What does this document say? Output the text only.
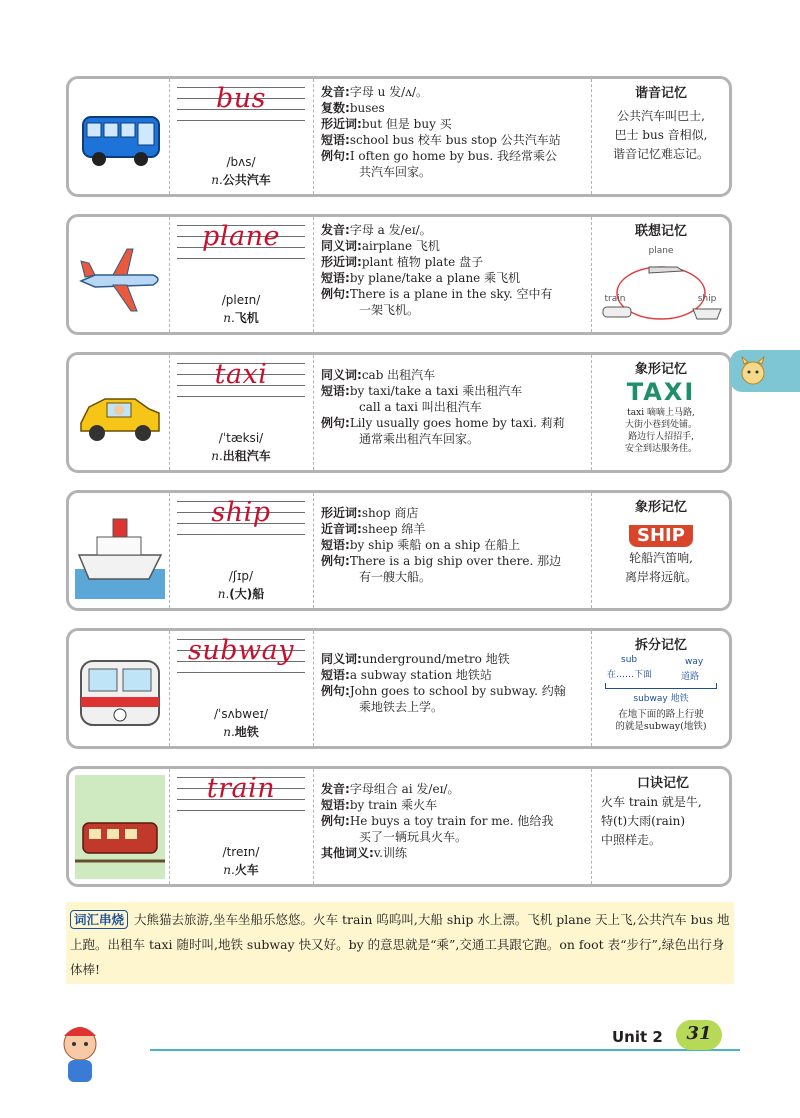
bus
/bʌs/
n.公共汽车
发音: 字母 u 发/ʌ/。
复数: buses
形近词: but 但是 buy 买
短语: school bus 校车 bus stop 公共汽车站
例句: I often go home by bus. 我经常乘公
共汽车回家。
谐音记忆
公共汽车叫巴士,
巴士 bus 音相似,
谐音记忆难忘记。
plane
/pleɪn/
n.飞机
发音: 字母 a 发/eɪ/。
同义词: airplane 飞机
形近词: plant 植物 plate 盘子
短语: by plane/take a plane 乘飞机
例句: There is a plane in the sky. 空中有
一架飞机。
联想记忆
plane
train	ship
taxi
/ˈtæksi/
n.出租汽车
同义词: cab 出租汽车
短语: by taxi/take a taxi 乘出租汽车
call a taxi 叫出租汽车
例句: Lily usually goes home by taxi. 莉莉
通常乘出租汽车回家。
象形记忆
TAXI
taxi 嘀嘀上马路,
大街小巷到处铺。
路边行人招招手,
安全到达服务佳。
ship
/ʃɪp/
n.(大)船
形近词: shop 商店
近音词: sheep 绵羊
短语: by ship 乘船 on a ship 在船上
例句: There is a big ship over there. 那边
有一艘大船。
象形记忆
SHIP
轮船汽笛响,
离岸将远航。
subway
/ˈsʌbweɪ/
n.地铁
同义词: underground/metro 地铁
短语: a subway station 地铁站
例句: John goes to school by subway. 约翰
乘地铁去上学。
拆分记忆
sub
在……下面
way
道路
subway 地铁
在地下面的路上行驶
的就是subway(地铁)
train
/treɪn/
n.火车
发音: 字母组合 ai 发/eɪ/。
短语: by train 乘火车
例句: He buys a toy train for me. 他给我
买了一辆玩具火车。
其他词义: v.训练
口诀记忆
火车 train 就是牛,
特(t)大雨(rain)
中照样走。
词汇串烧 大熊猫去旅游,坐车坐船乐悠悠。火车 train 呜呜叫,大船 ship 水上漂。飞机 plane 天上飞,公共汽车 bus 地上跑。出租车 taxi 随时叫,地铁 subway 快又好。by 的意思就是“乘”,交通工具跟它跑。on foot 表“步行”,绿色出行身体棒!
Unit 2	31
